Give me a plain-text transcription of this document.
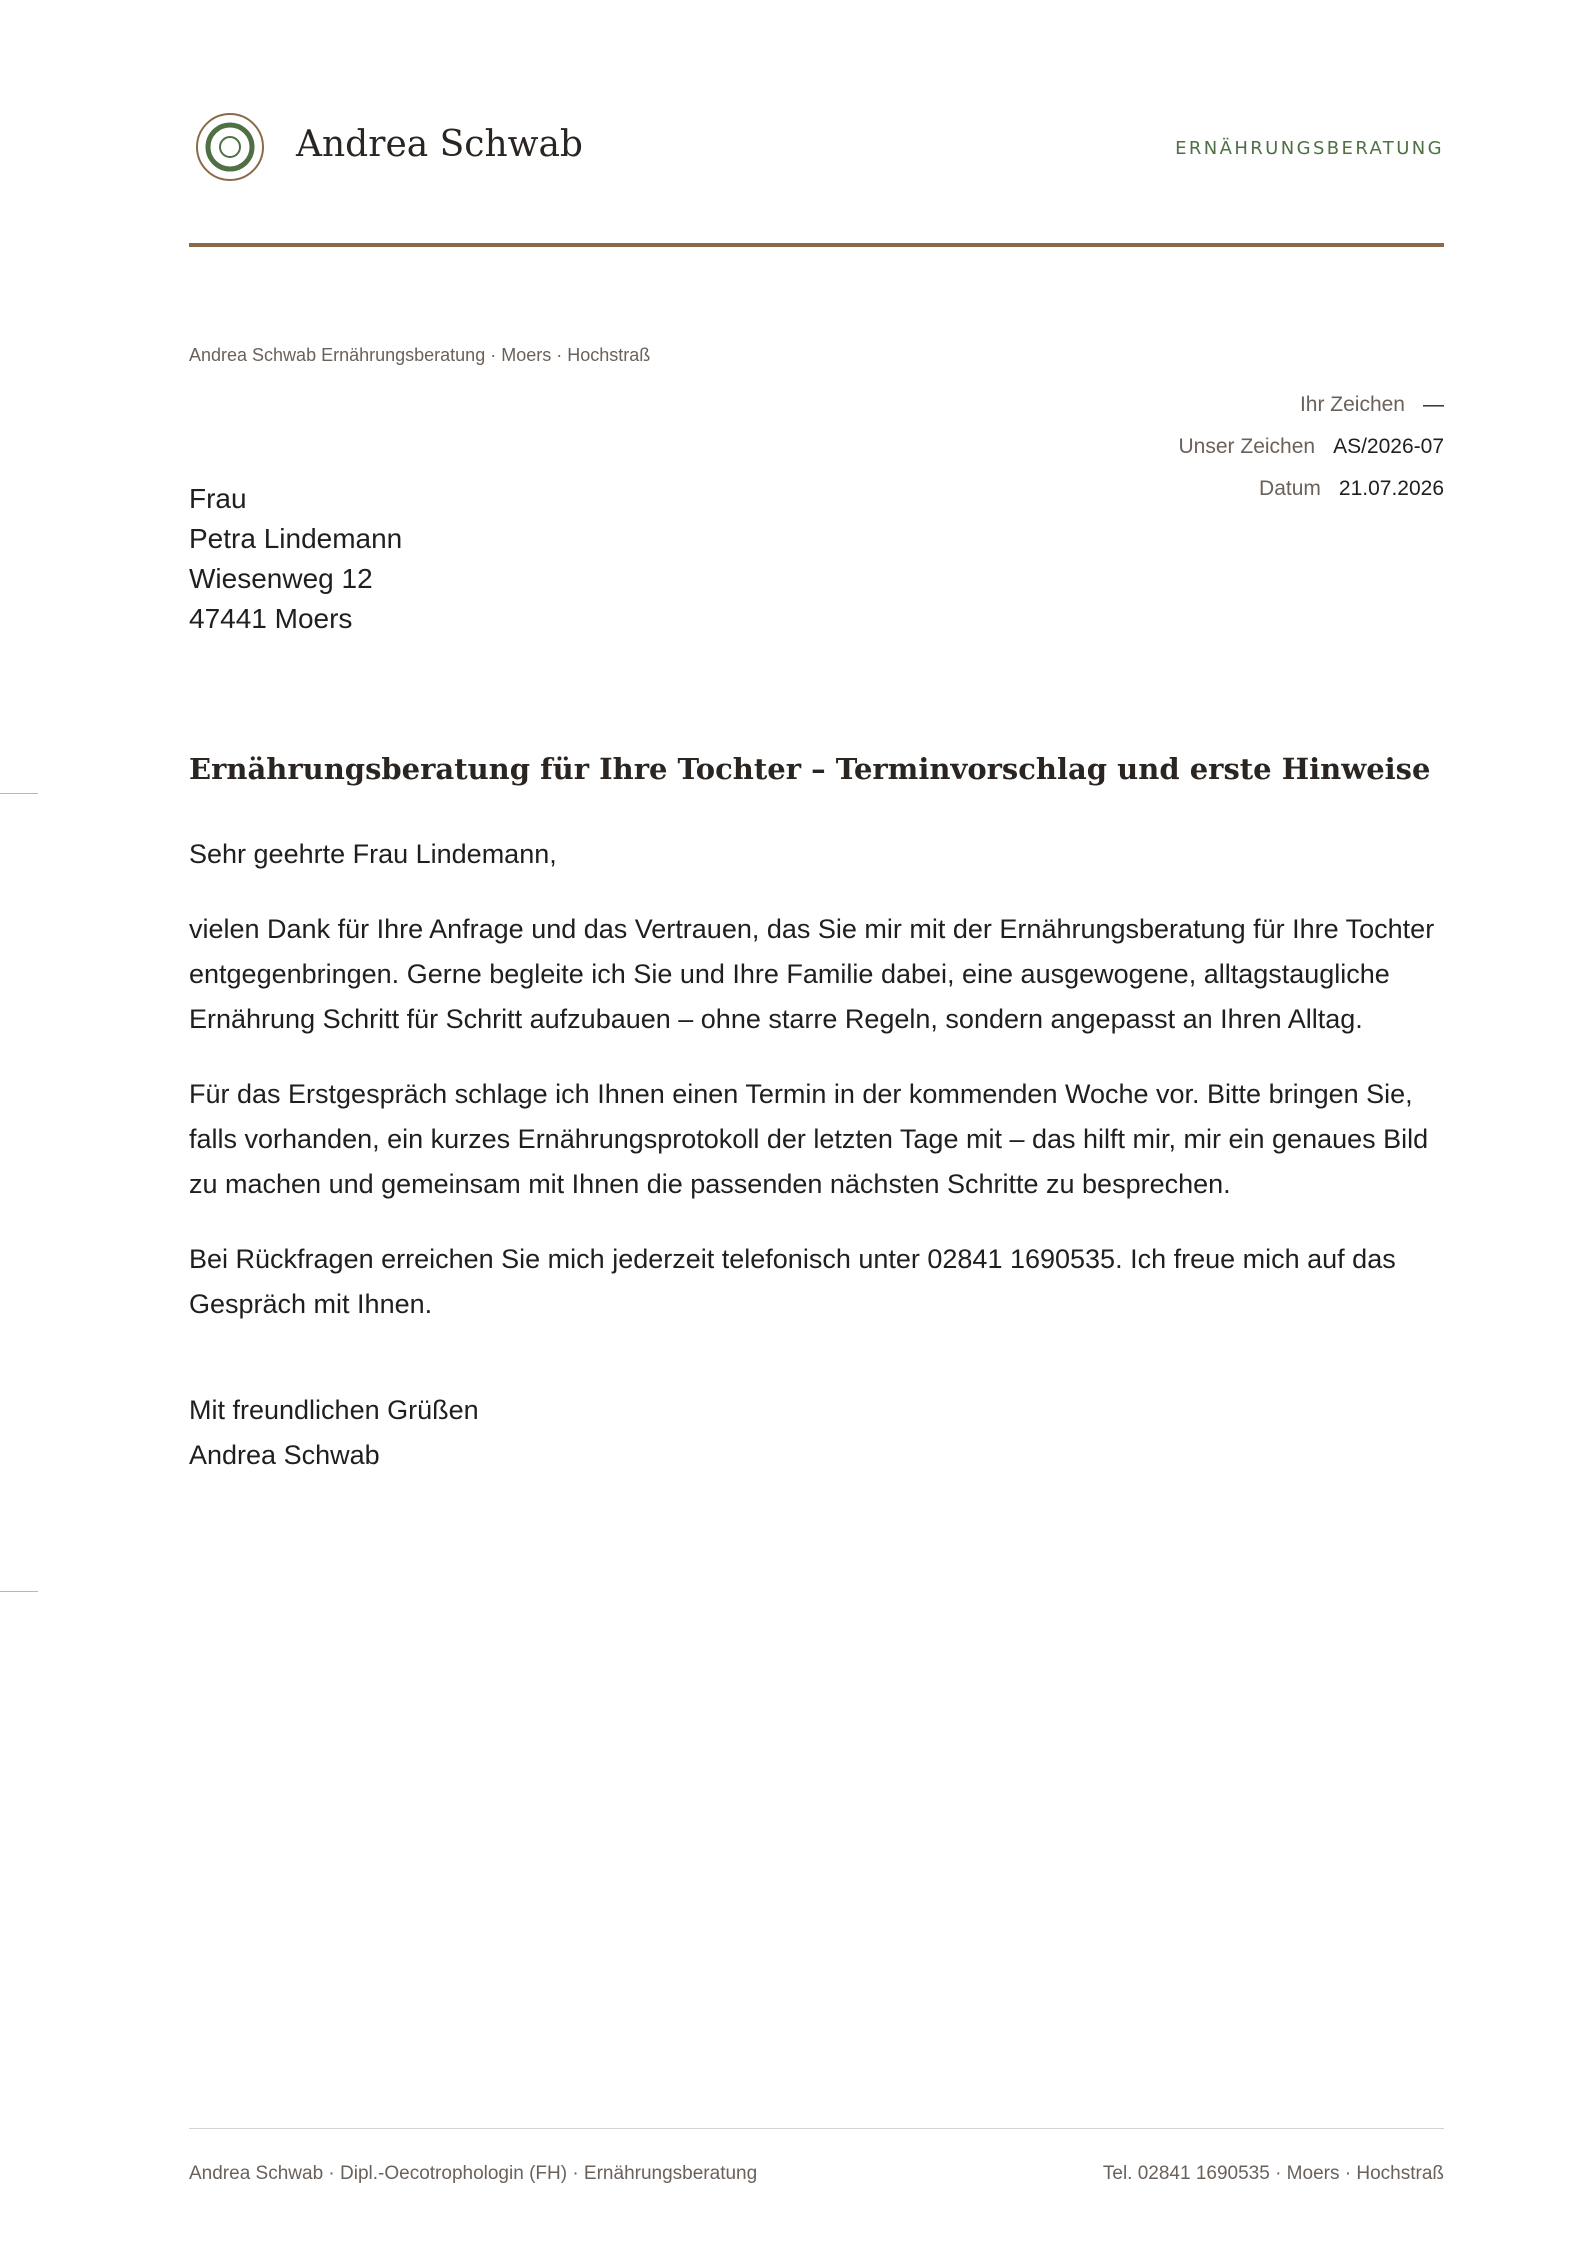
Andrea Schwab	ERNÄHRUNGSBERATUNG
Andrea Schwab Ernährungsberatung · Moers · Hochstraß
Ihr Zeichen —
Unser Zeichen AS/2026-07
Datum 21.07.2026
Frau
Petra Lindemann
Wiesenweg 12
47441 Moers
Ernährungsberatung für Ihre Tochter – Terminvorschlag und erste Hinweise

Sehr geehrte Frau Lindemann,

vielen Dank für Ihre Anfrage und das Vertrauen, das Sie mir mit der Ernährungsberatung für Ihre Tochter entgegenbringen. Gerne begleite ich Sie und Ihre Familie dabei, eine ausgewogene, alltagstaugliche Ernährung Schritt für Schritt aufzubauen – ohne starre Regeln, sondern angepasst an Ihren Alltag.

Für das Erstgespräch schlage ich Ihnen einen Termin in der kommenden Woche vor. Bitte bringen Sie, falls vorhanden, ein kurzes Ernährungsprotokoll der letzten Tage mit – das hilft mir, mir ein genaues Bild zu machen und gemeinsam mit Ihnen die passenden nächsten Schritte zu besprechen.

Bei Rückfragen erreichen Sie mich jederzeit telefonisch unter 02841 1690535. Ich freue mich auf das Gespräch mit Ihnen.

Mit freundlichen Grüßen
Andrea Schwab
Andrea Schwab · Dipl.-Oecotrophologin (FH) · Ernährungsberatung	Tel. 02841 1690535 · Moers · Hochstraß
